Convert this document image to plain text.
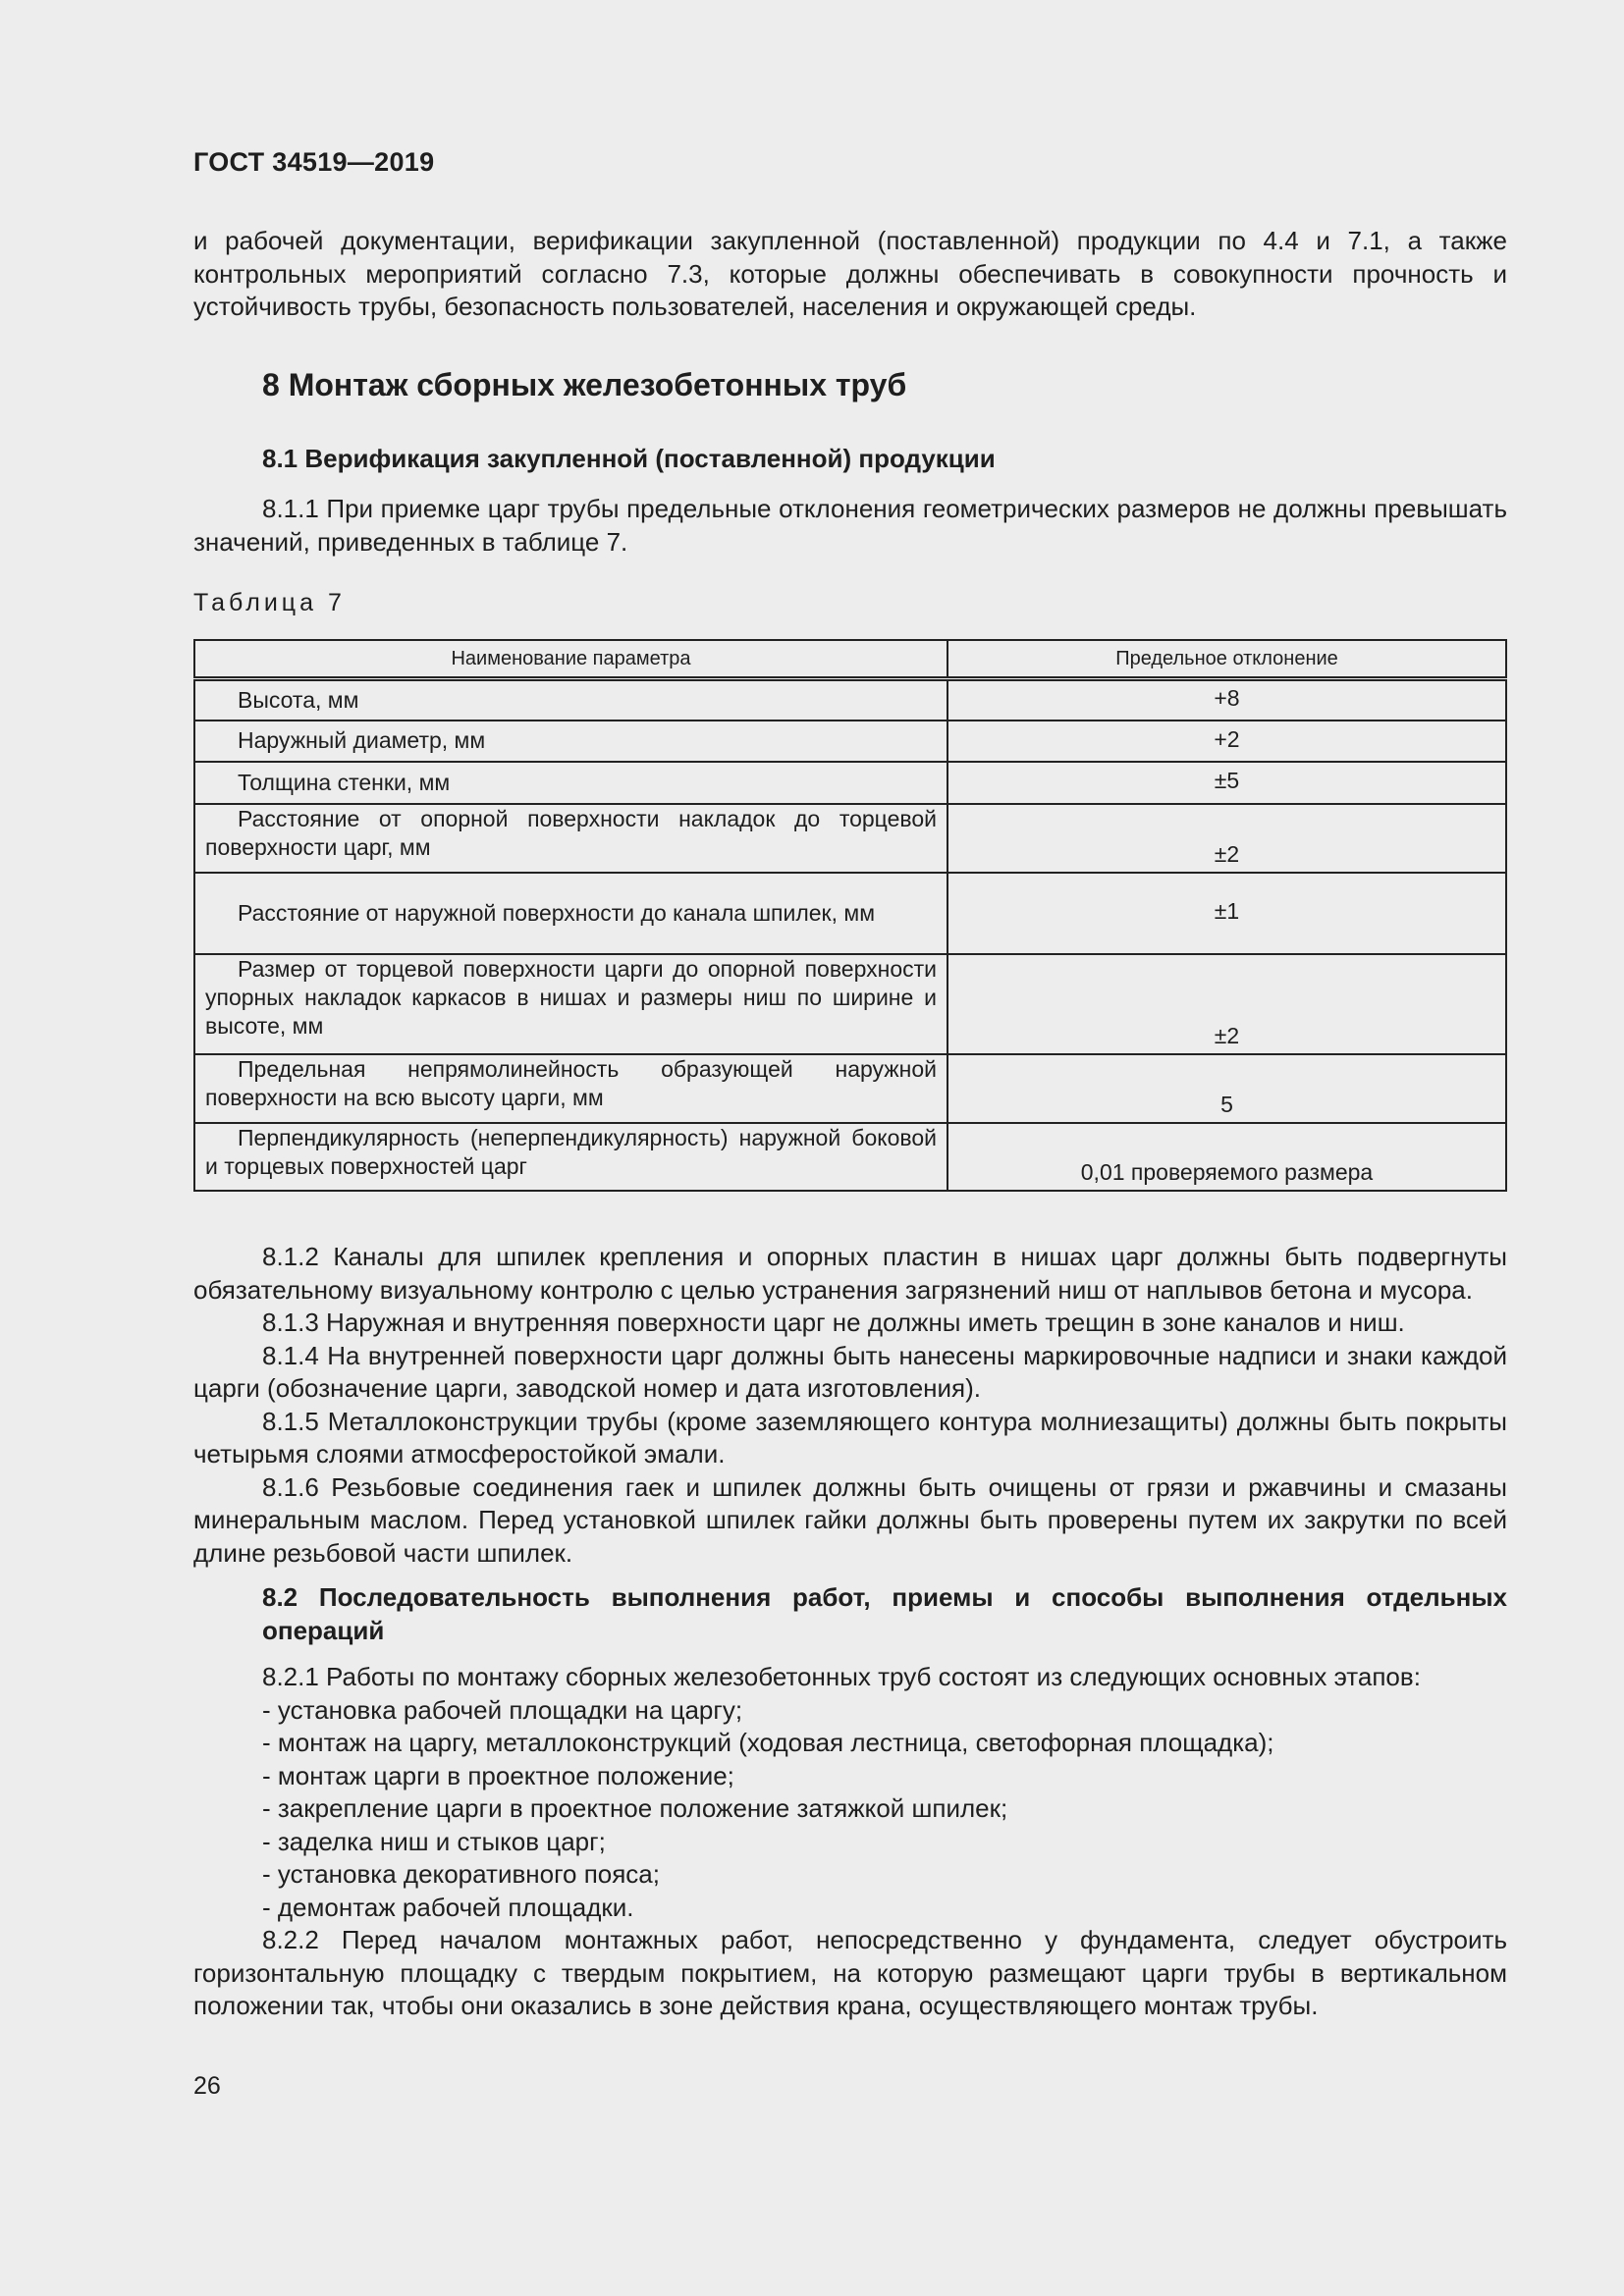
ГОСТ 34519—2019

и рабочей документации, верификации закупленной (поставленной) продукции по 4.4 и 7.1, а также контрольных мероприятий согласно 7.3, которые должны обеспечивать в совокупности прочность и устойчивость трубы, безопасность пользователей, населения и окружающей среды.

8 Монтаж сборных железобетонных труб
8.1 Верификация закупленной (поставленной) продукции

8.1.1 При приемке царг трубы предельные отклонения геометрических размеров не должны превышать значений, приведенных в таблице 7.

Таблица 7
Наименование параметра	Предельное отклонение
Высота, мм	+8
Наружный диаметр, мм	+2
Толщина стенки, мм	±5
Расстояние от опорной поверхности накладок до торцевой поверхности царг, мм	±2
Расстояние от наружной поверхности до канала шпилек, мм	±1
Размер от торцевой поверхности царги до опорной поверхности упорных накладок каркасов в нишах и размеры ниш по ширине и высоте, мм	±2
Предельная непрямолинейность образующей наружной поверхности на всю высоту царги, мм	5
Перпендикулярность (неперпендикулярность) наружной боковой и торцевых поверхностей царг	0,01 проверяемого размера

8.1.2 Каналы для шпилек крепления и опорных пластин в нишах царг должны быть подвергнуты обязательному визуальному контролю с целью устранения загрязнений ниш от наплывов бетона и мусора.

8.1.3 Наружная и внутренняя поверхности царг не должны иметь трещин в зоне каналов и ниш.

8.1.4 На внутренней поверхности царг должны быть нанесены маркировочные надписи и знаки каждой царги (обозначение царги, заводской номер и дата изготовления).

8.1.5 Металлоконструкции трубы (кроме заземляющего контура молниезащиты) должны быть покрыты четырьмя слоями атмосферостойкой эмали.

8.1.6 Резьбовые соединения гаек и шпилек должны быть очищены от грязи и ржавчины и смазаны минеральным маслом. Перед установкой шпилек гайки должны быть проверены путем их закрутки по всей длине резьбовой части шпилек.

8.2 Последовательность выполнения работ, приемы и способы выполнения отдельных операций

8.2.1 Работы по монтажу сборных железобетонных труб состоят из следующих основных этапов:

- установка рабочей площадки на царгу;

- монтаж на царгу, металлоконструкций (ходовая лестница, светофорная площадка);

- монтаж царги в проектное положение;

- закрепление царги в проектное положение затяжкой шпилек;

- заделка ниш и стыков царг;

- установка декоративного пояса;

- демонтаж рабочей площадки.

8.2.2 Перед началом монтажных работ, непосредственно у фундамента, следует обустроить горизонтальную площадку с твердым покрытием, на которую размещают царги трубы в вертикальном положении так, чтобы они оказались в зоне действия крана, осуществляющего монтаж трубы.

26
